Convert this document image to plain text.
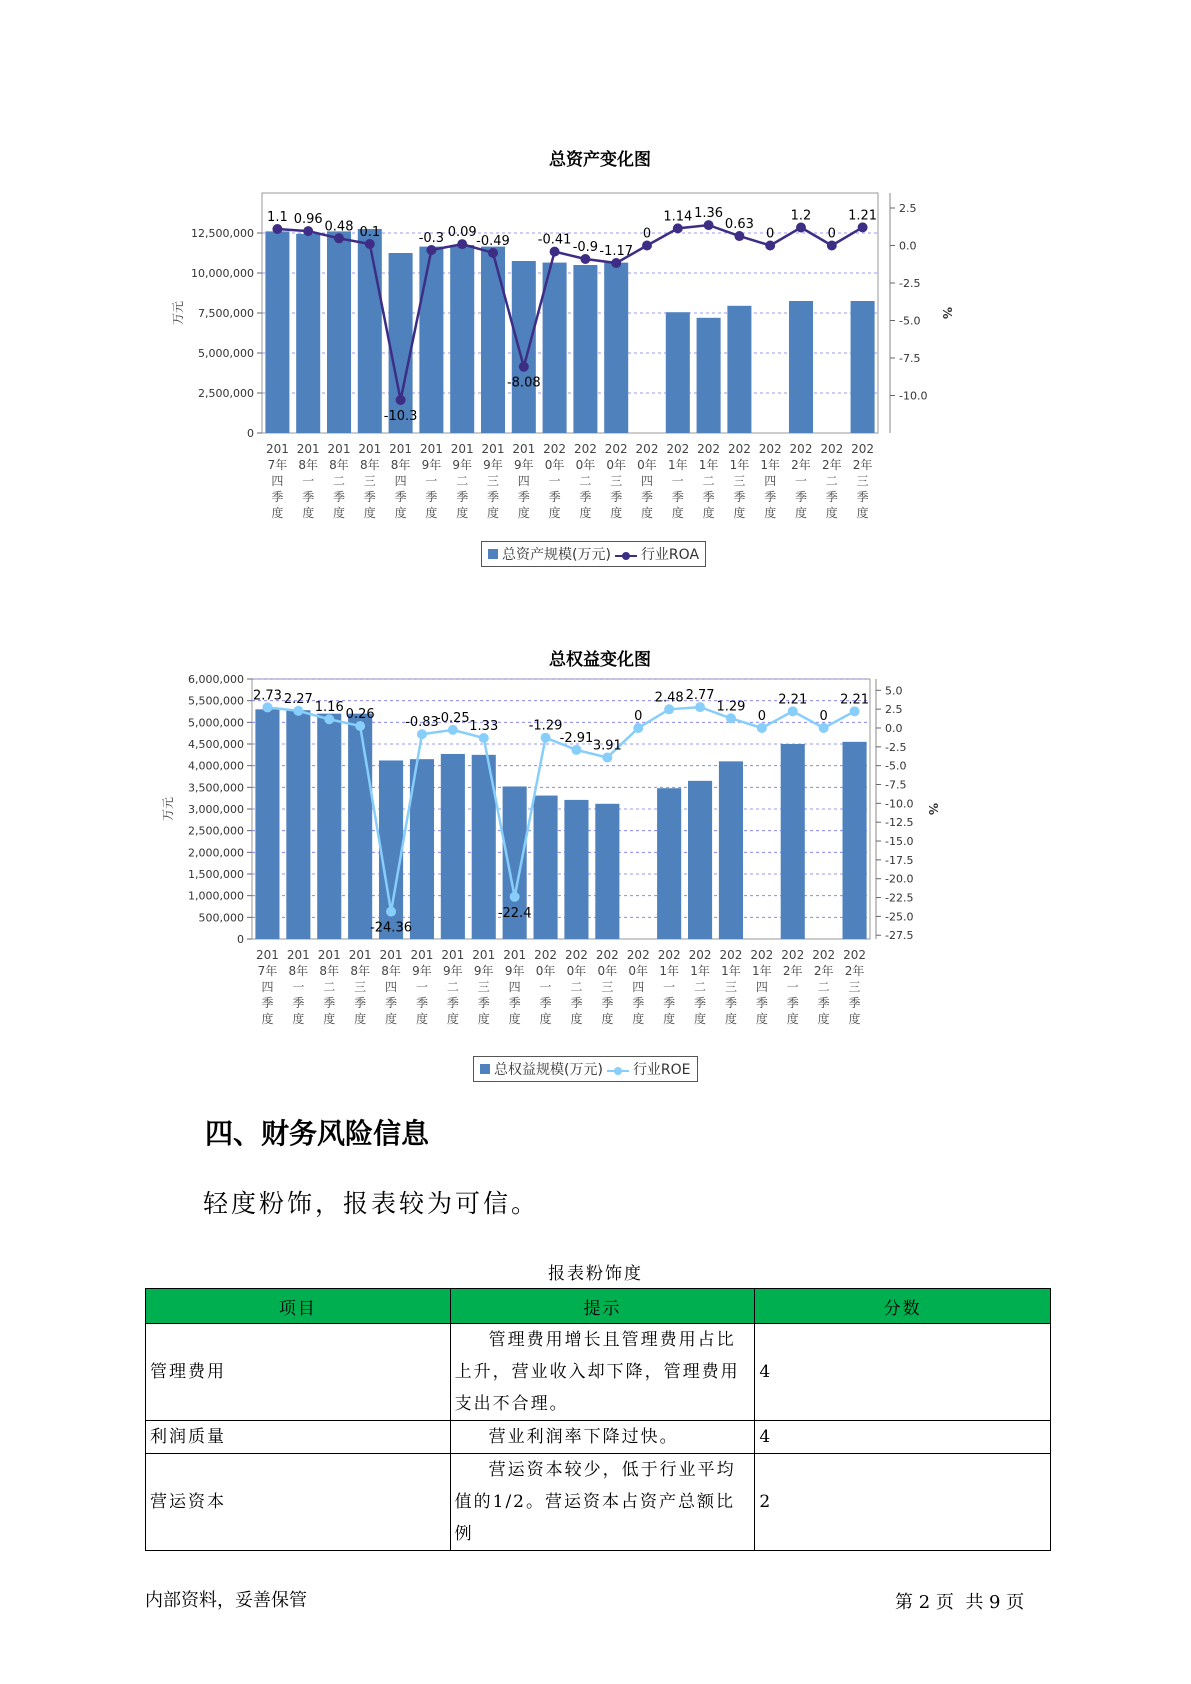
总资产变化图
0
2,500,000
5,000,000
7,500,000
10,000,000
12,500,000
2.5
0.0
-2.5
-5.0
-7.5
-10.0
万元	%
201 7年四季度
201 8年一季度
201 8年二季度
201 8年三季度
201 8年四季度
201 9年一季度
201 9年二季度
201 9年三季度
201 9年四季度
202 0年一季度
202 0年二季度
202 0年三季度
202 0年四季度
202 1年一季度
202 1年二季度
202 1年三季度
202 1年四季度
202 2年一季度
202 2年二季度
202 2年三季度
1.1 0.96 0.48 0.1
-10.3
-0.3 0.09
-0.49
-8.08
-0.41 -0.9 -1.17
0
1.14 1.36
0.63
0
1.2
0
1.21
总资产规模(万元) 行业ROA
总权益变化图
0
500,000
1,000,000
1,500,000
2,000,000
2,500,000
3,000,000
3,500,000
4,000,000
4,500,000
5,000,000
5,500,000
6,000,000
5.0
2.5
0.0
-2.5
-5.0
-7.5
-10.0
-12.5
-15.0
-17.5
-20.0
-22.5
-25.0
-27.5
万元	%
201 7年四季度
201 8年一季度
201 8年二季度
201 8年三季度
201 8年四季度
201 9年一季度
201 9年二季度
201 9年三季度
201 9年四季度
202 0年一季度
202 0年二季度
202 0年三季度
202 0年四季度
202 1年一季度
202 1年二季度
202 1年三季度
202 1年四季度
202 2年一季度
202 2年二季度
202 2年三季度
2.73 2.27
1.16 0.26
-24.36
-0.83
-0.25
1.33
-22.4
-1.29
-2.91
3.91
0
2.48 2.77
1.29
0
2.21
0
2.21
总权益规模(万元) 行业ROE
四、财务风险信息
轻度粉饰，报表较为可信。
报表粉饰度
项目	提示	分数
管理费用	管理费用增长且管理费用占比上升，营业收入却下降，管理费用支出不合理。	4
利润质量	营业利润率下降过快。	4
营运资本	营运资本较少，低于行业平均值的1/2。营运资本占资产总额比例	2
内部资料，妥善保管	第 2 页  共 9 页
